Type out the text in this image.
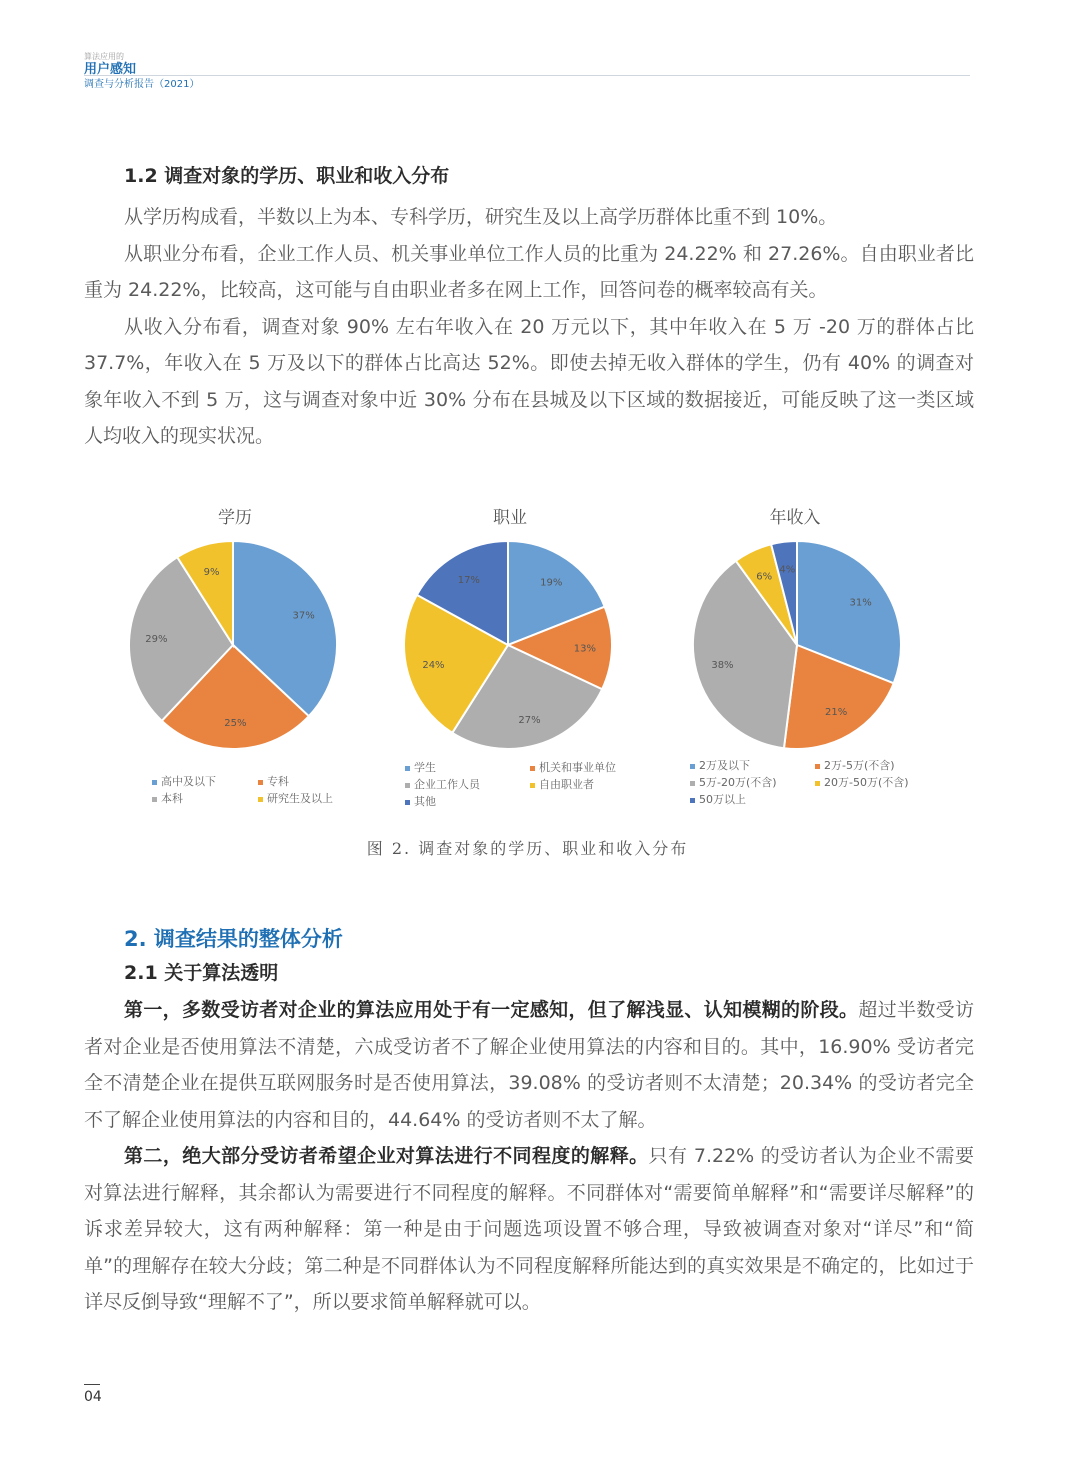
算法应用的
用户感知
调查与分析报告（2021）
1.2 调查对象的学历、职业和收入分布

从学历构成看，半数以上为本、专科学历，研究生及以上高学历群体比重不到 10%。

从职业分布看，企业工作人员、机关事业单位工作人员的比重为 24.22% 和 27.26%。自由职业者比重为 24.22%，比较高，这可能与自由职业者多在网上工作，回答问卷的概率较高有关。

从收入分布看，调查对象 90% 左右年收入在 20 万元以下，其中年收入在 5 万 -20 万的群体占比 37.7%，年收入在 5 万及以下的群体占比高达 52%。即使去掉无收入群体的学生，仍有 40% 的调查对象年收入不到 5 万，这与调查对象中近 30% 分布在县城及以下区域的数据接近，可能反映了这一类区域人均收入的现实状况。

学历
37%
25%
29%
9%
高中及以下	专科
本科	研究生及以上
职业
19%
13%
27%
24%
17%
学生	机关和事业单位
企业工作人员	自由职业者
其他
年收入
31%
21%
38%
6%
4%
2万及以下	2万-5万(不含)
5万-20万(不含)	20万-50万(不含)
50万以上
图 2. 调查对象的学历、职业和收入分布
2. 调查结果的整体分析
2.1 关于算法透明

第一，多数受访者对企业的算法应用处于有一定感知，但了解浅显、认知模糊的阶段。超过半数受访者对企业是否使用算法不清楚，六成受访者不了解企业使用算法的内容和目的。其中，16.90% 受访者完全不清楚企业在提供互联网服务时是否使用算法，39.08% 的受访者则不太清楚；20.34% 的受访者完全不了解企业使用算法的内容和目的，44.64% 的受访者则不太了解。

第二，绝大部分受访者希望企业对算法进行不同程度的解释。只有 7.22% 的受访者认为企业不需要对算法进行解释，其余都认为需要进行不同程度的解释。不同群体对“需要简单解释”和“需要详尽解释”的诉求差异较大，这有两种解释：第一种是由于问题选项设置不够合理，导致被调查对象对“详尽”和“简单”的理解存在较大分歧；第二种是不同群体认为不同程度解释所能达到的真实效果是不确定的，比如过于详尽反倒导致“理解不了”，所以要求简单解释就可以。

04
